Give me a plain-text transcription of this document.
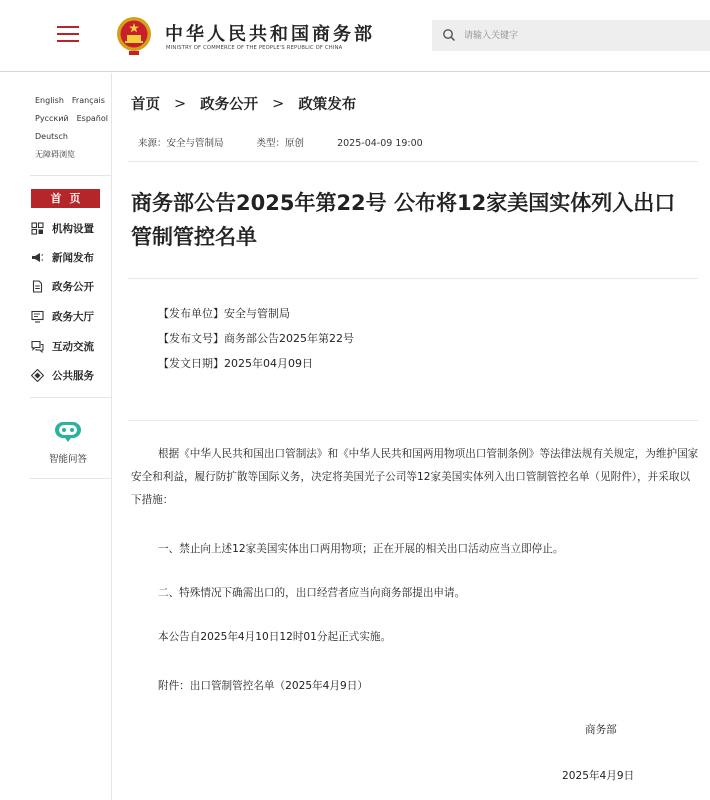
中华人民共和国商务部
MINISTRY OF COMMERCE OF THE PEOPLE'S REPUBLIC OF CHINA
请输入关键字
English Français
Русский Español
Deutsch
无障碍浏览
首页
机构设置
新闻发布
政务公开
政务大厅
互动交流
公共服务
智能问答
首页 > 政务公开 > 政策发布
来源：安全与管制局	类型：原创	2025-04-09 19:00
商务部公告2025年第22号 公布将12家美国实体列入出口管制管控名单
【发布单位】安全与管制局
【发布文号】商务部公告2025年第22号
【发文日期】2025年04月09日
根据《中华人民共和国出口管制法》和《中华人民共和国两用物项出口管制条例》等法律法规有关规定，为维护国家安全和利益，履行防扩散等国际义务，决定将美国光子公司等12家美国实体列入出口管制管控名单（见附件），并采取以下措施：
一、禁止向上述12家美国实体出口两用物项；正在开展的相关出口活动应当立即停止。
二、特殊情况下确需出口的，出口经营者应当向商务部提出申请。
本公告自2025年4月10日12时01分起正式实施。
附件：出口管制管控名单（2025年4月9日）
商务部
2025年4月9日
